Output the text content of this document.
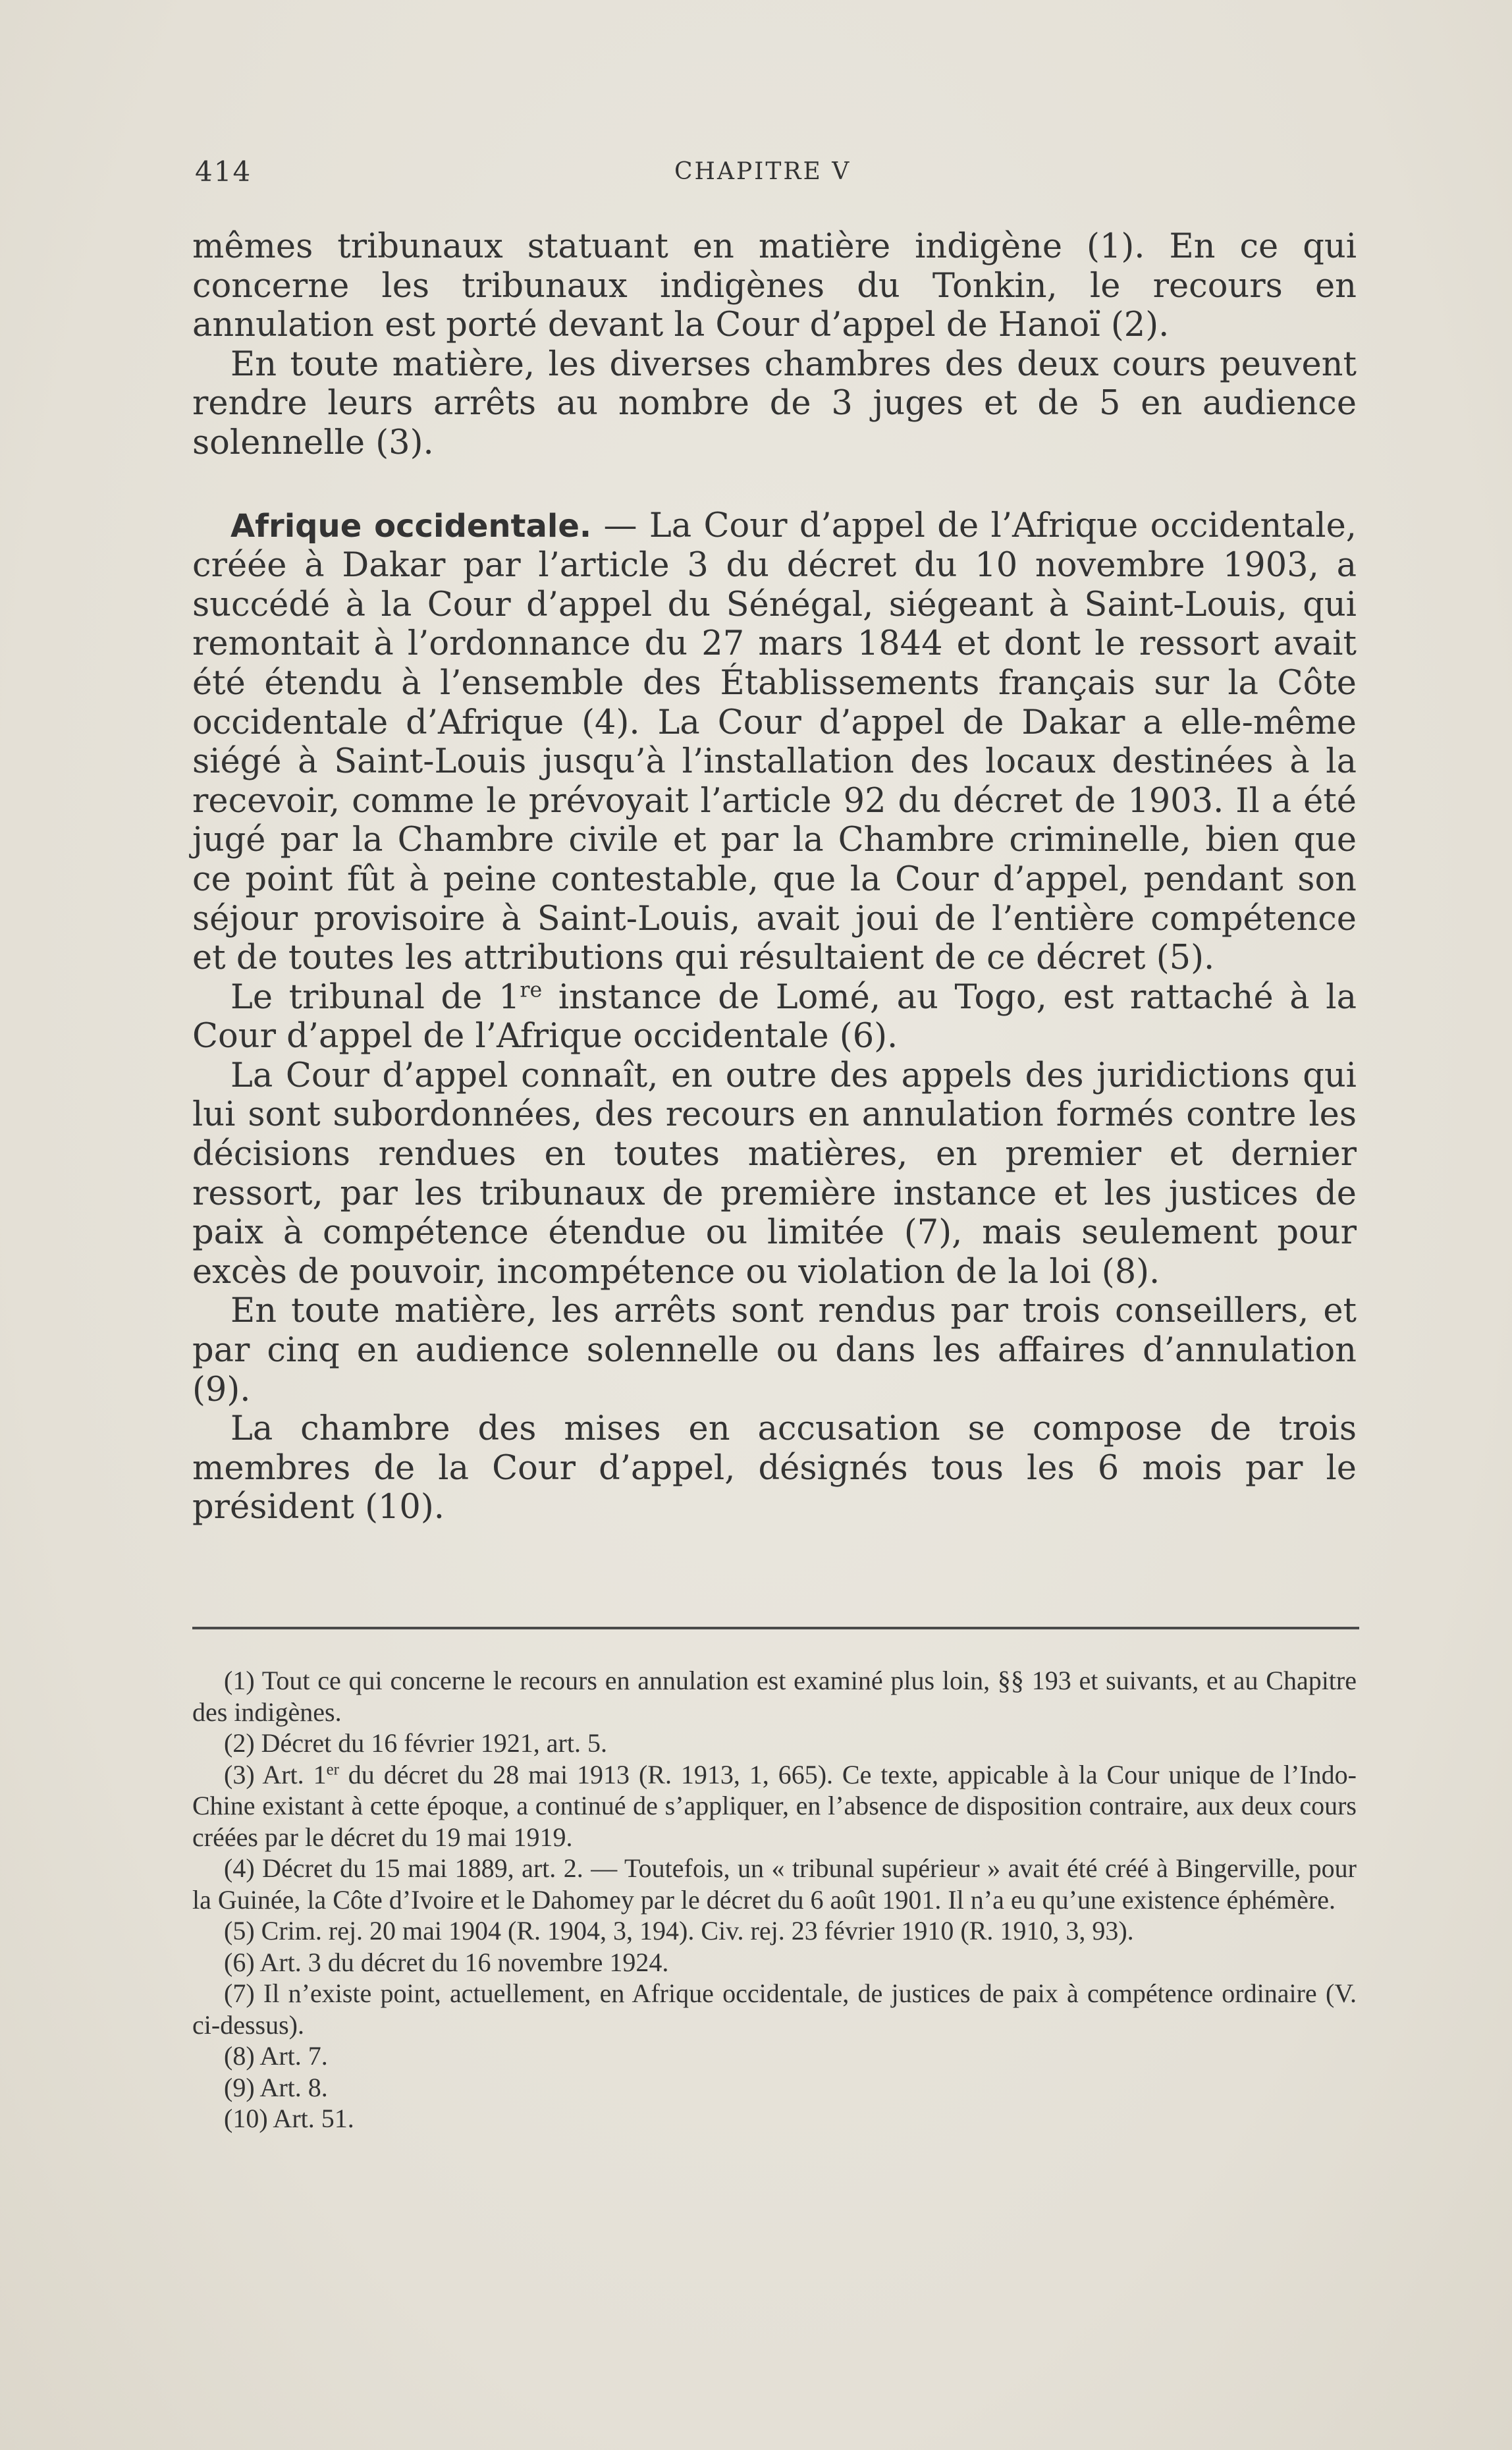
414	CHAPITRE V

mêmes tribunaux statuant en matière indigène (1). En ce qui concerne les tribunaux indigènes du Tonkin, le recours en annulation est porté devant la Cour d’appel de Hanoï (2).

En toute matière, les diverses chambres des deux cours peuvent rendre leurs arrêts au nombre de 3 juges et de 5 en audience solennelle (3).

Afrique occidentale. — La Cour d’appel de l’Afrique occidentale, créée à Dakar par l’article 3 du décret du 10 novembre 1903, a succédé à la Cour d’appel du Sénégal, siégeant à Saint-Louis, qui remontait à l’ordonnance du 27 mars 1844 et dont le ressort avait été étendu à l’ensemble des Établissements français sur la Côte occidentale d’Afrique (4). La Cour d’appel de Dakar a elle-même siégé à Saint-Louis jusqu’à l’installation des locaux destinées à la recevoir, comme le prévoyait l’article 92 du décret de 1903. Il a été jugé par la Chambre civile et par la Chambre criminelle, bien que ce point fût à peine contestable, que la Cour d’appel, pendant son séjour provisoire à Saint-Louis, avait joui de l’entière compétence et de toutes les attributions qui résultaient de ce décret (5).

Le tribunal de 1re instance de Lomé, au Togo, est rattaché à la Cour d’appel de l’Afrique occidentale (6).

La Cour d’appel connaît, en outre des appels des juridictions qui lui sont subordonnées, des recours en annulation formés contre les décisions rendues en toutes matières, en premier et dernier ressort, par les tribunaux de première instance et les justices de paix à compétence étendue ou limitée (7), mais seulement pour excès de pouvoir, incompétence ou violation de la loi (8).

En toute matière, les arrêts sont rendus par trois conseillers, et par cinq en audience solennelle ou dans les affaires d’annulation (9).

La chambre des mises en accusation se compose de trois membres de la Cour d’appel, désignés tous les 6 mois par le président (10).

(1) Tout ce qui concerne le recours en annulation est examiné plus loin, §§ 193 et suivants, et au Chapitre des indigènes.

(2) Décret du 16 février 1921, art. 5.

(3) Art. 1er du décret du 28 mai 1913 (R. 1913, 1, 665). Ce texte, appicable à la Cour unique de l’Indo-Chine existant à cette époque, a continué de s’appliquer, en l’absence de disposition contraire, aux deux cours créées par le décret du 19 mai 1919.

(4) Décret du 15 mai 1889, art. 2. — Toutefois, un « tribunal supérieur » avait été créé à Bingerville, pour la Guinée, la Côte d’Ivoire et le Dahomey par le décret du 6 août 1901. Il n’a eu qu’une existence éphémère.

(5) Crim. rej. 20 mai 1904 (R. 1904, 3, 194). Civ. rej. 23 février 1910 (R. 1910, 3, 93).

(6) Art. 3 du décret du 16 novembre 1924.

(7) Il n’existe point, actuellement, en Afrique occidentale, de justices de paix à compétence ordinaire (V. ci-dessus).

(8) Art. 7.

(9) Art. 8.

(10) Art. 51.
